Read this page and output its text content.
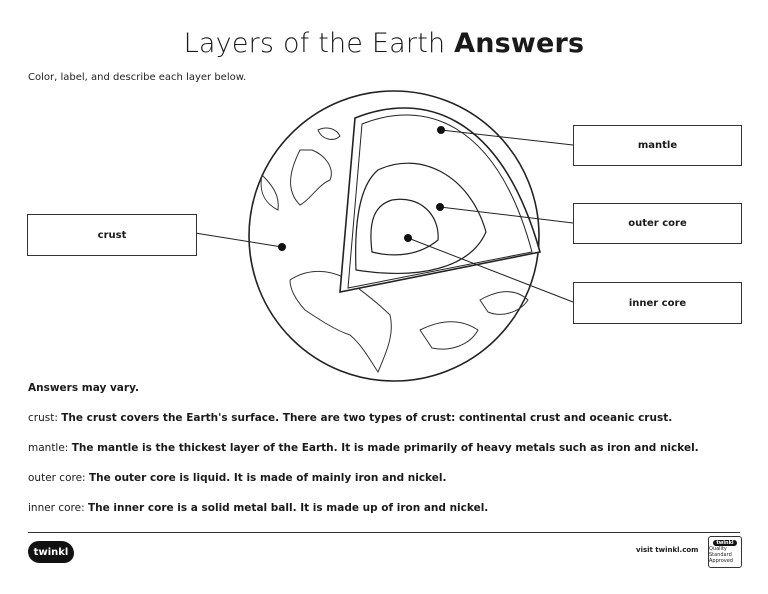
Layers of the Earth Answers
Color, label, and describe each layer below.
crust
mantle
outer core
inner core
Answers may vary.
crust: The crust covers the Earth's surface. There are two types of crust: continental crust and oceanic crust.
mantle: The mantle is the thickest layer of the Earth. It is made primarily of heavy metals such as iron and nickel.
outer core: The outer core is liquid. It is made of mainly iron and nickel.
inner core: The inner core is a solid metal ball. It is made up of iron and nickel.
twinkl	visit twinkl.com
twinkl
Quality Standard Approved
